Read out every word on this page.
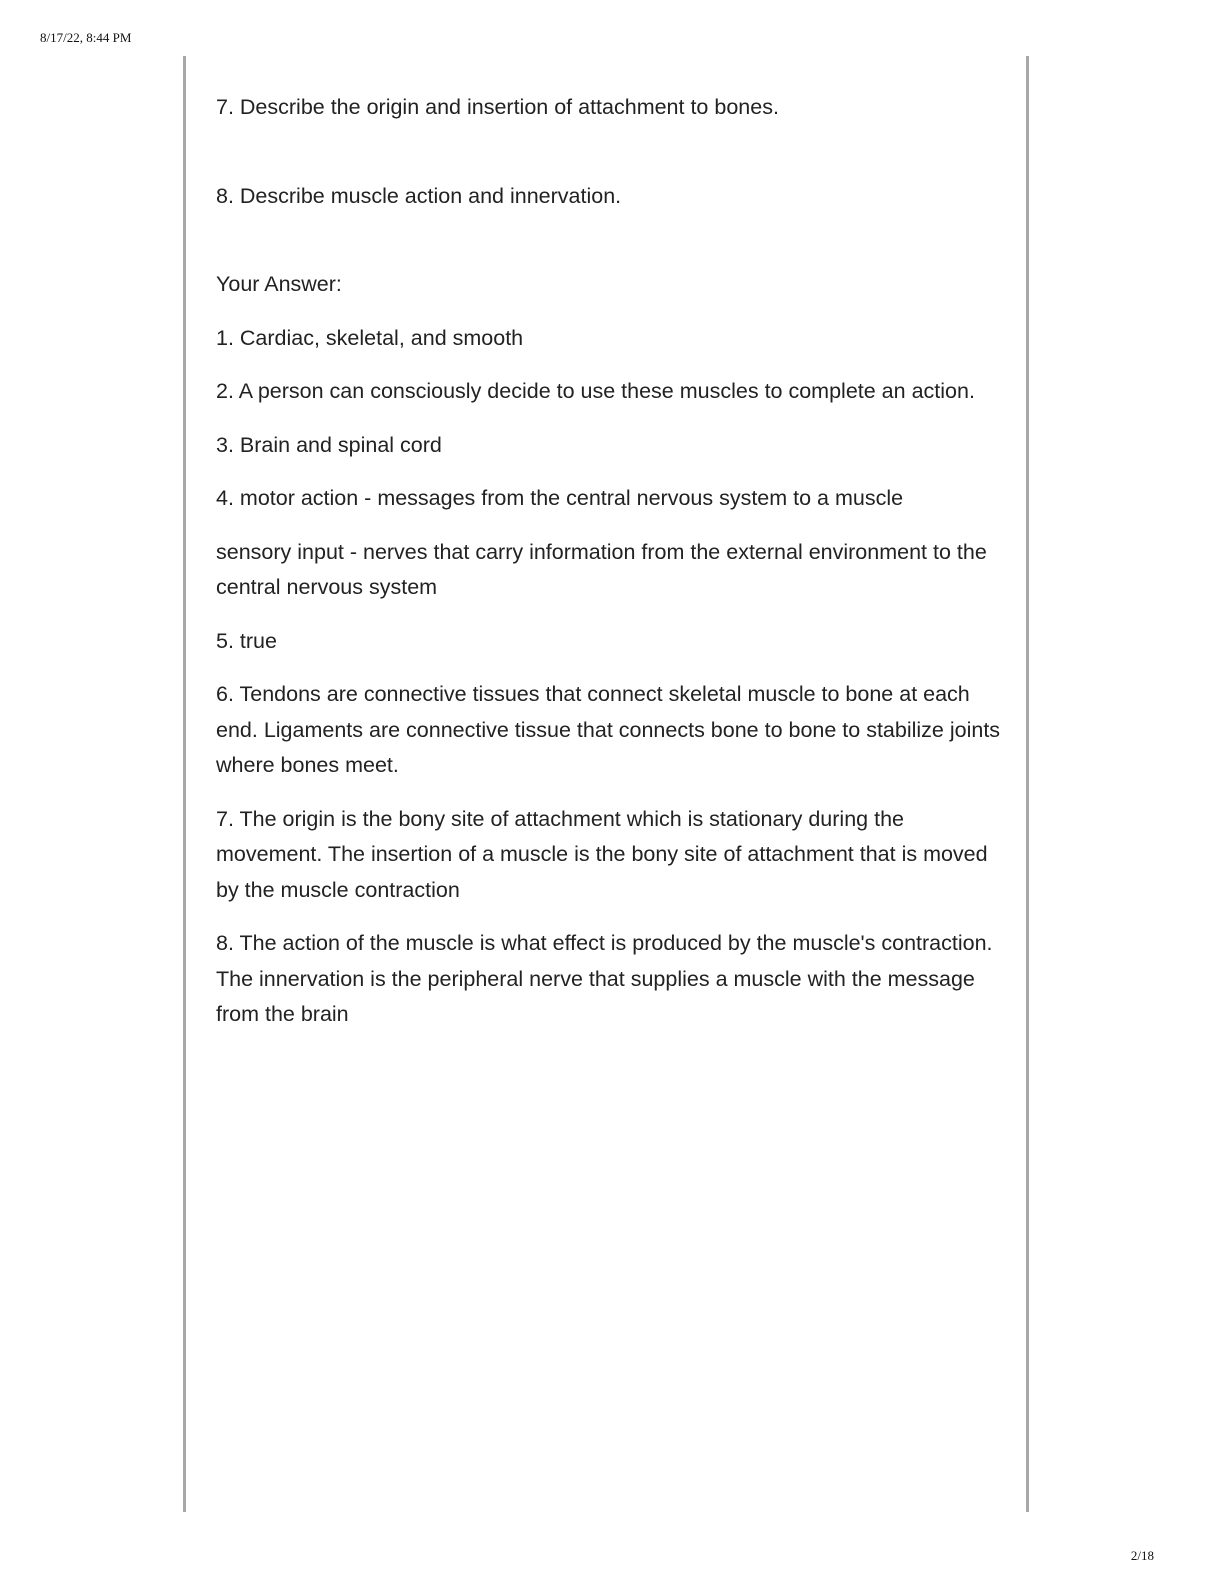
8/17/22, 8:44 PM

7. Describe the origin and insertion of attachment to bones.

8. Describe muscle action and innervation.

Your Answer:

1. Cardiac, skeletal, and smooth

2. A person can consciously decide to use these muscles to complete an action.

3. Brain and spinal cord

4. motor action - messages from the central nervous system to a muscle

sensory input - nerves that carry information from the external environment to the central nervous system

5. true

6. Tendons are connective tissues that connect skeletal muscle to bone at each end. Ligaments are connective tissue that connects bone to bone to stabilize joints where bones meet.

7. The origin is the bony site of attachment which is stationary during the movement. The insertion of a muscle is the bony site of attachment that is moved by the muscle contraction

8. The action of the muscle is what effect is produced by the muscle's contraction. The innervation is the peripheral nerve that supplies a muscle with the message from the brain

2/18
